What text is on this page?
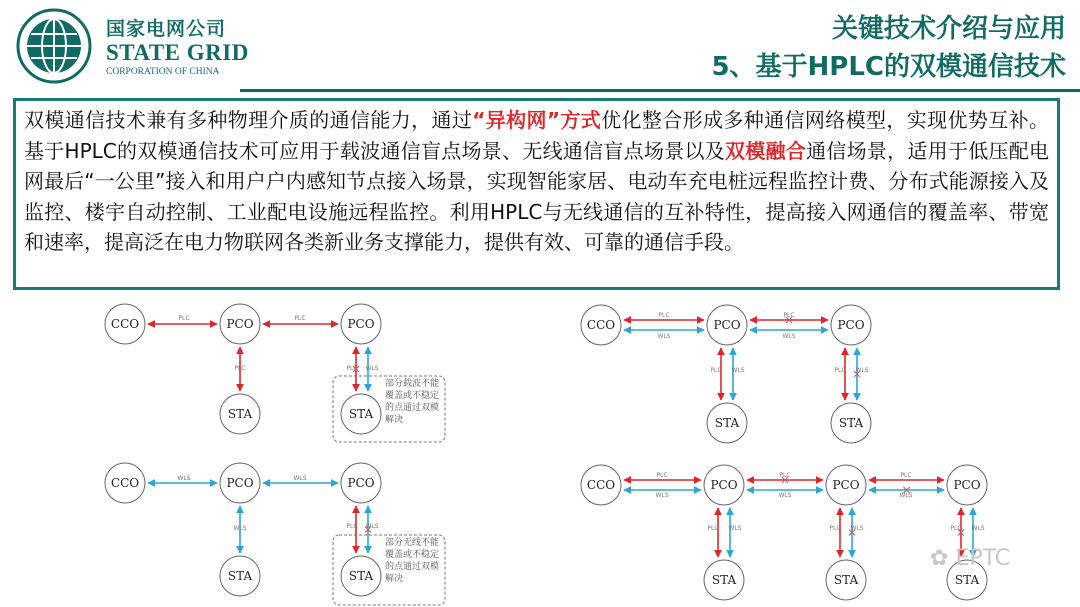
国家电网公司
STATE GRID
CORPORATION OF CHINA
关键技术介绍与应用
5、基于HPLC的双模通信技术
双模通信技术兼有多种物理介质的通信能力，通过“异构网”方式优化整合形成多种通信网络模型，实现优势互补。基于HPLC的双模通信技术可应用于载波通信盲点场景、无线通信盲点场景以及双模融合通信场景，适用于低压配电网最后“一公里”接入和用户户内感知节点接入场景，实现智能家居、电动车充电桩远程监控计费、分布式能源接入及监控、楼宇自动控制、工业配电设施远程监控。利用HPLC与无线通信的互补特性，提高接入网通信的覆盖率、带宽和速率，提高泛在电力物联网各类新业务支撑能力，提供有效、可靠的通信手段。
CCO	PCO	PCO
STA	STA
PLC	PLC
PLC	PLC WLS
部分载波不能覆盖或不稳定的点通过双模解决
CCO	PCO	PCO
STA	STA
WLS	WLS
WLS	PLC WLS
部分无线不能覆盖或不稳定的点通过双模解决
CCO	PCO	PCO
STA	STA
PLC
WLS
PLC
WLS
PLC WLS	PLC WLS
CCO	PCO	PCO	PCO
STA	STA	STA
PLC
WLS
PLC
WLS
PLC
WLS
PLC WLS	PLC WLS	PLC WLS
✿ EPTC
